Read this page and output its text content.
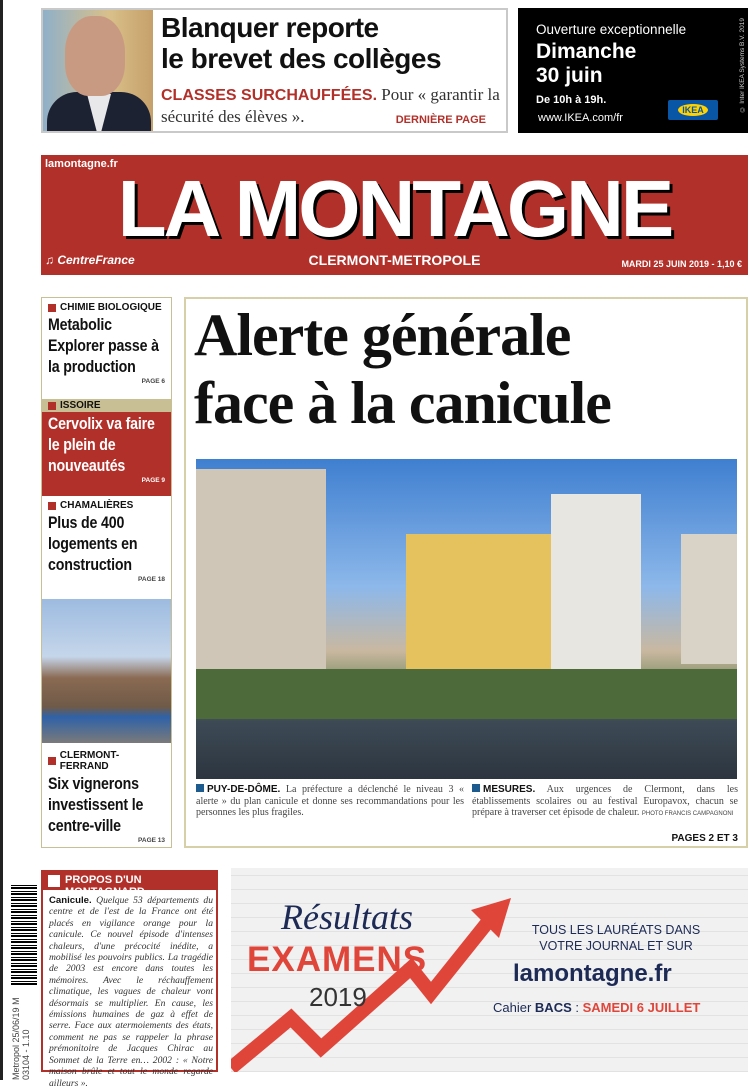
Blanquer reporte
le brevet des collèges

CLASSES SURCHAUFFÉES. Pour « garantir la sécurité des élèves ».	DERNIÈRE PAGE
Ouverture exceptionnelle
Dimanche
30 juin
De 10h à 19h.
www.IKEA.com/fr
IKEA	© Inter IKEA Systems B.V. 2019
lamontagne.fr LA MONTAGNE
♫ CentreFrance	CLERMONT-METROPOLE	MARDI 25 JUIN 2019 - 1,10 €
CHIMIE BIOLOGIQUE
Metabolic Explorer passe à la production
PAGE 6
ISSOIRE
Cervolix va faire le plein de nouveautés
PAGE 9
CHAMALIÈRES
Plus de 400 logements en construction
PAGE 18
CLERMONT-FERRAND
Six vignerons investissent le centre-ville
PAGE 13
Alerte générale
face à la canicule

PUY-DE-DÔME. La préfecture a déclenché le niveau 3 « alerte » du plan canicule et donne ses recommandations pour les personnes les plus fragiles.

MESURES. Aux urgences de Clermont, dans les établissements scolaires ou au festival Europavox, chacun se prépare à traverser cet épisode de chaleur. PHOTO FRANCIS CAMPAGNONI

PAGES 2 ET 3
Metropol 25/06/19 M 03104 - 1.10
PROPOS D'UN MONTAGNARD

Canicule. Quelque 53 départements du centre et de l'est de la France ont été placés en vigilance orange pour la canicule. Ce nouvel épisode d'intenses chaleurs, d'une précocité inédite, a mobilisé les pouvoirs publics. La tragédie de 2003 est encore dans toutes les mémoires. Avec le réchauffement climatique, les vagues de chaleur vont désormais se multiplier. En cause, les émissions humaines de gaz à effet de serre. Face aux atermoiements des états, comment ne pas se rappeler la phrase prémonitoire de Jacques Chirac au Sommet de la Terre en… 2002 : « Notre maison brûle et tout le monde regarde ailleurs ».

Résultats
EXAMENS
2019
TOUS LES LAURÉATS DANS VOTRE JOURNAL ET SUR
lamontagne.fr
Cahier BACS : SAMEDI 6 JUILLET
